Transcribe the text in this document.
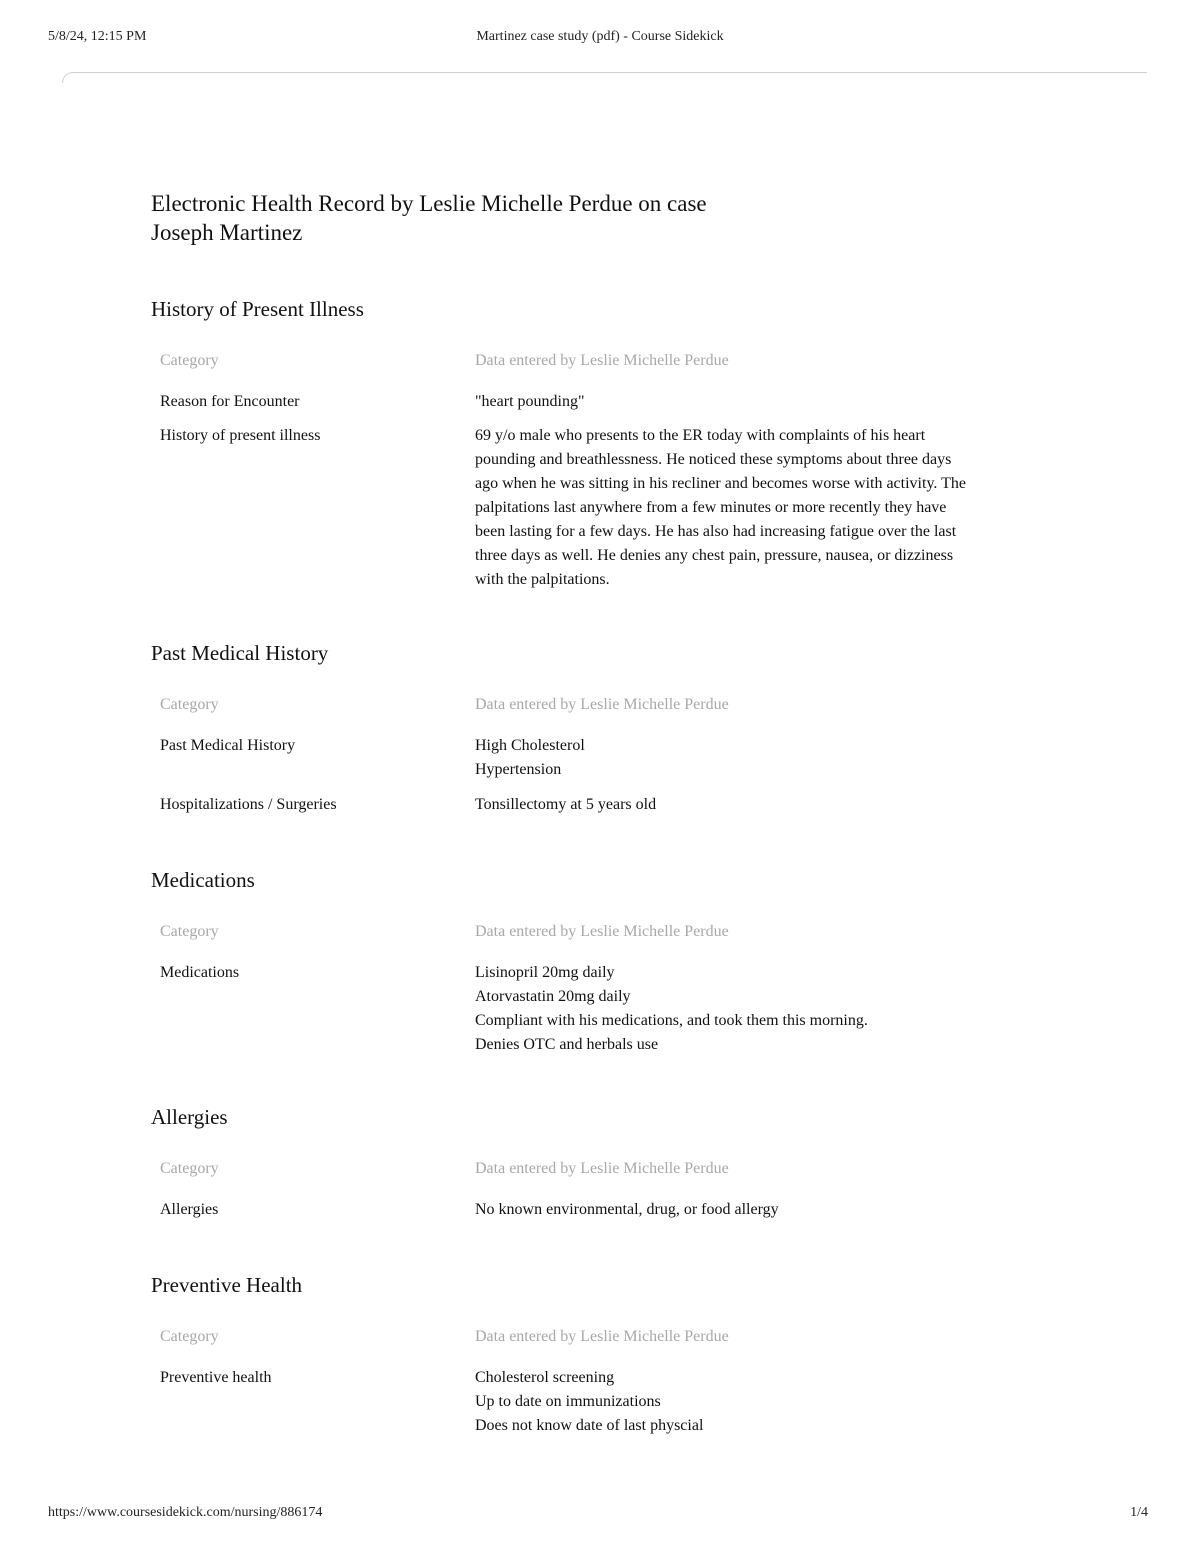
5/8/24, 12:15 PM	Martinez case study (pdf) - Course Sidekick
Electronic Health Record by Leslie Michelle Perdue on case
Joseph Martinez
History of Present Illness
Category	Data entered by Leslie Michelle Perdue
Reason for Encounter	"heart pounding"
History of present illness	69 y/o male who presents to the ER today with complaints of his heart
pounding and breathlessness. He noticed these symptoms about three days
ago when he was sitting in his recliner and becomes worse with activity. The
palpitations last anywhere from a few minutes or more recently they have
been lasting for a few days. He has also had increasing fatigue over the last
three days as well. He denies any chest pain, pressure, nausea, or dizziness
with the palpitations.
Past Medical History
Category	Data entered by Leslie Michelle Perdue
Past Medical History	High Cholesterol
Hypertension
Hospitalizations / Surgeries	Tonsillectomy at 5 years old
Medications
Category	Data entered by Leslie Michelle Perdue
Medications	Lisinopril 20mg daily
Atorvastatin 20mg daily
Compliant with his medications, and took them this morning.
Denies OTC and herbals use
Allergies
Category	Data entered by Leslie Michelle Perdue
Allergies	No known environmental, drug, or food allergy
Preventive Health
Category	Data entered by Leslie Michelle Perdue
Preventive health	Cholesterol screening
Up to date on immunizations
Does not know date of last physcial
https://www.coursesidekick.com/nursing/886174	1/4
